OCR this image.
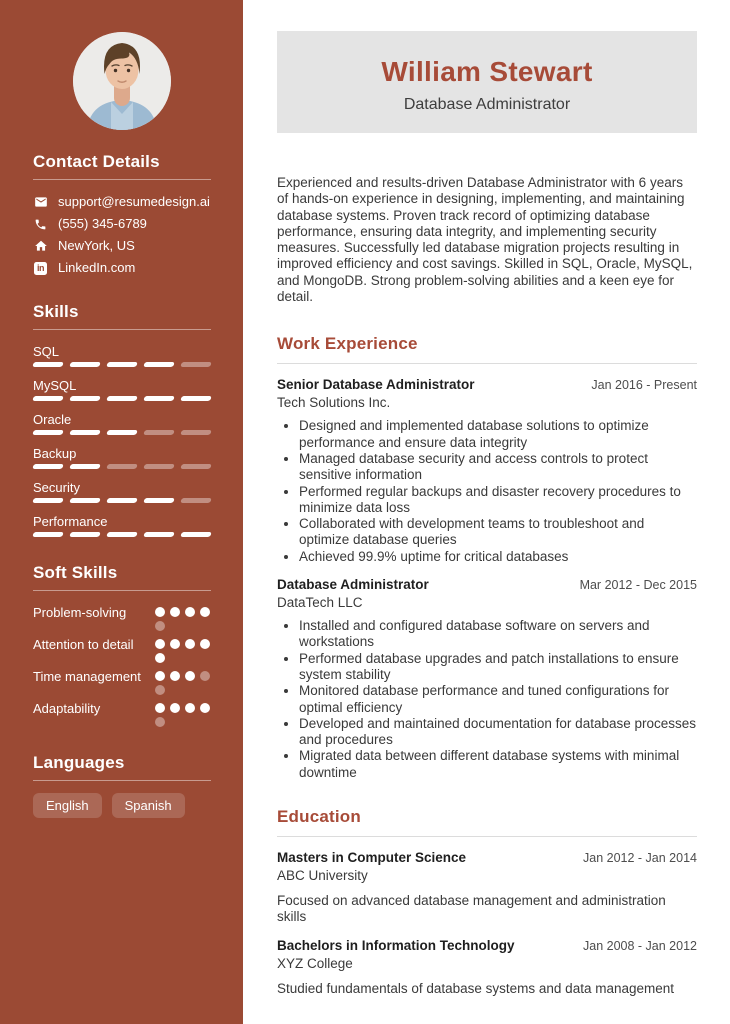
Contact Details
support@resumedesign.ai
(555) 345-6789
NewYork, US
in LinkedIn.com
Skills
SQL
MySQL
Oracle
Backup
Security
Performance
Soft Skills
Problem-solving
Attention to detail
Time management
Adaptability
Languages
English	Spanish
William Stewart
Database Administrator

Experienced and results-driven Database Administrator with 6 years of hands-on experience in designing, implementing, and maintaining database systems. Proven track record of optimizing database performance, ensuring data integrity, and implementing security measures. Successfully led database migration projects resulting in improved efficiency and cost savings. Skilled in SQL, Oracle, MySQL, and MongoDB. Strong problem-solving abilities and a keen eye for detail.

Work Experience
Senior Database Administrator	Jan 2016 - Present
Tech Solutions Inc.
• Designed and implemented database solutions to optimize performance and ensure data integrity
• Managed database security and access controls to protect sensitive information
• Performed regular backups and disaster recovery procedures to minimize data loss
• Collaborated with development teams to troubleshoot and optimize database queries
• Achieved 99.9% uptime for critical databases
Database Administrator	Mar 2012 - Dec 2015
DataTech LLC
• Installed and configured database software on servers and workstations
• Performed database upgrades and patch installations to ensure system stability
• Monitored database performance and tuned configurations for optimal efficiency
• Developed and maintained documentation for database processes and procedures
• Migrated data between different database systems with minimal downtime
Education
Masters in Computer Science	Jan 2012 - Jan 2014
ABC University
Focused on advanced database management and administration skills
Bachelors in Information Technology	Jan 2008 - Jan 2012
XYZ College
Studied fundamentals of database systems and data management
